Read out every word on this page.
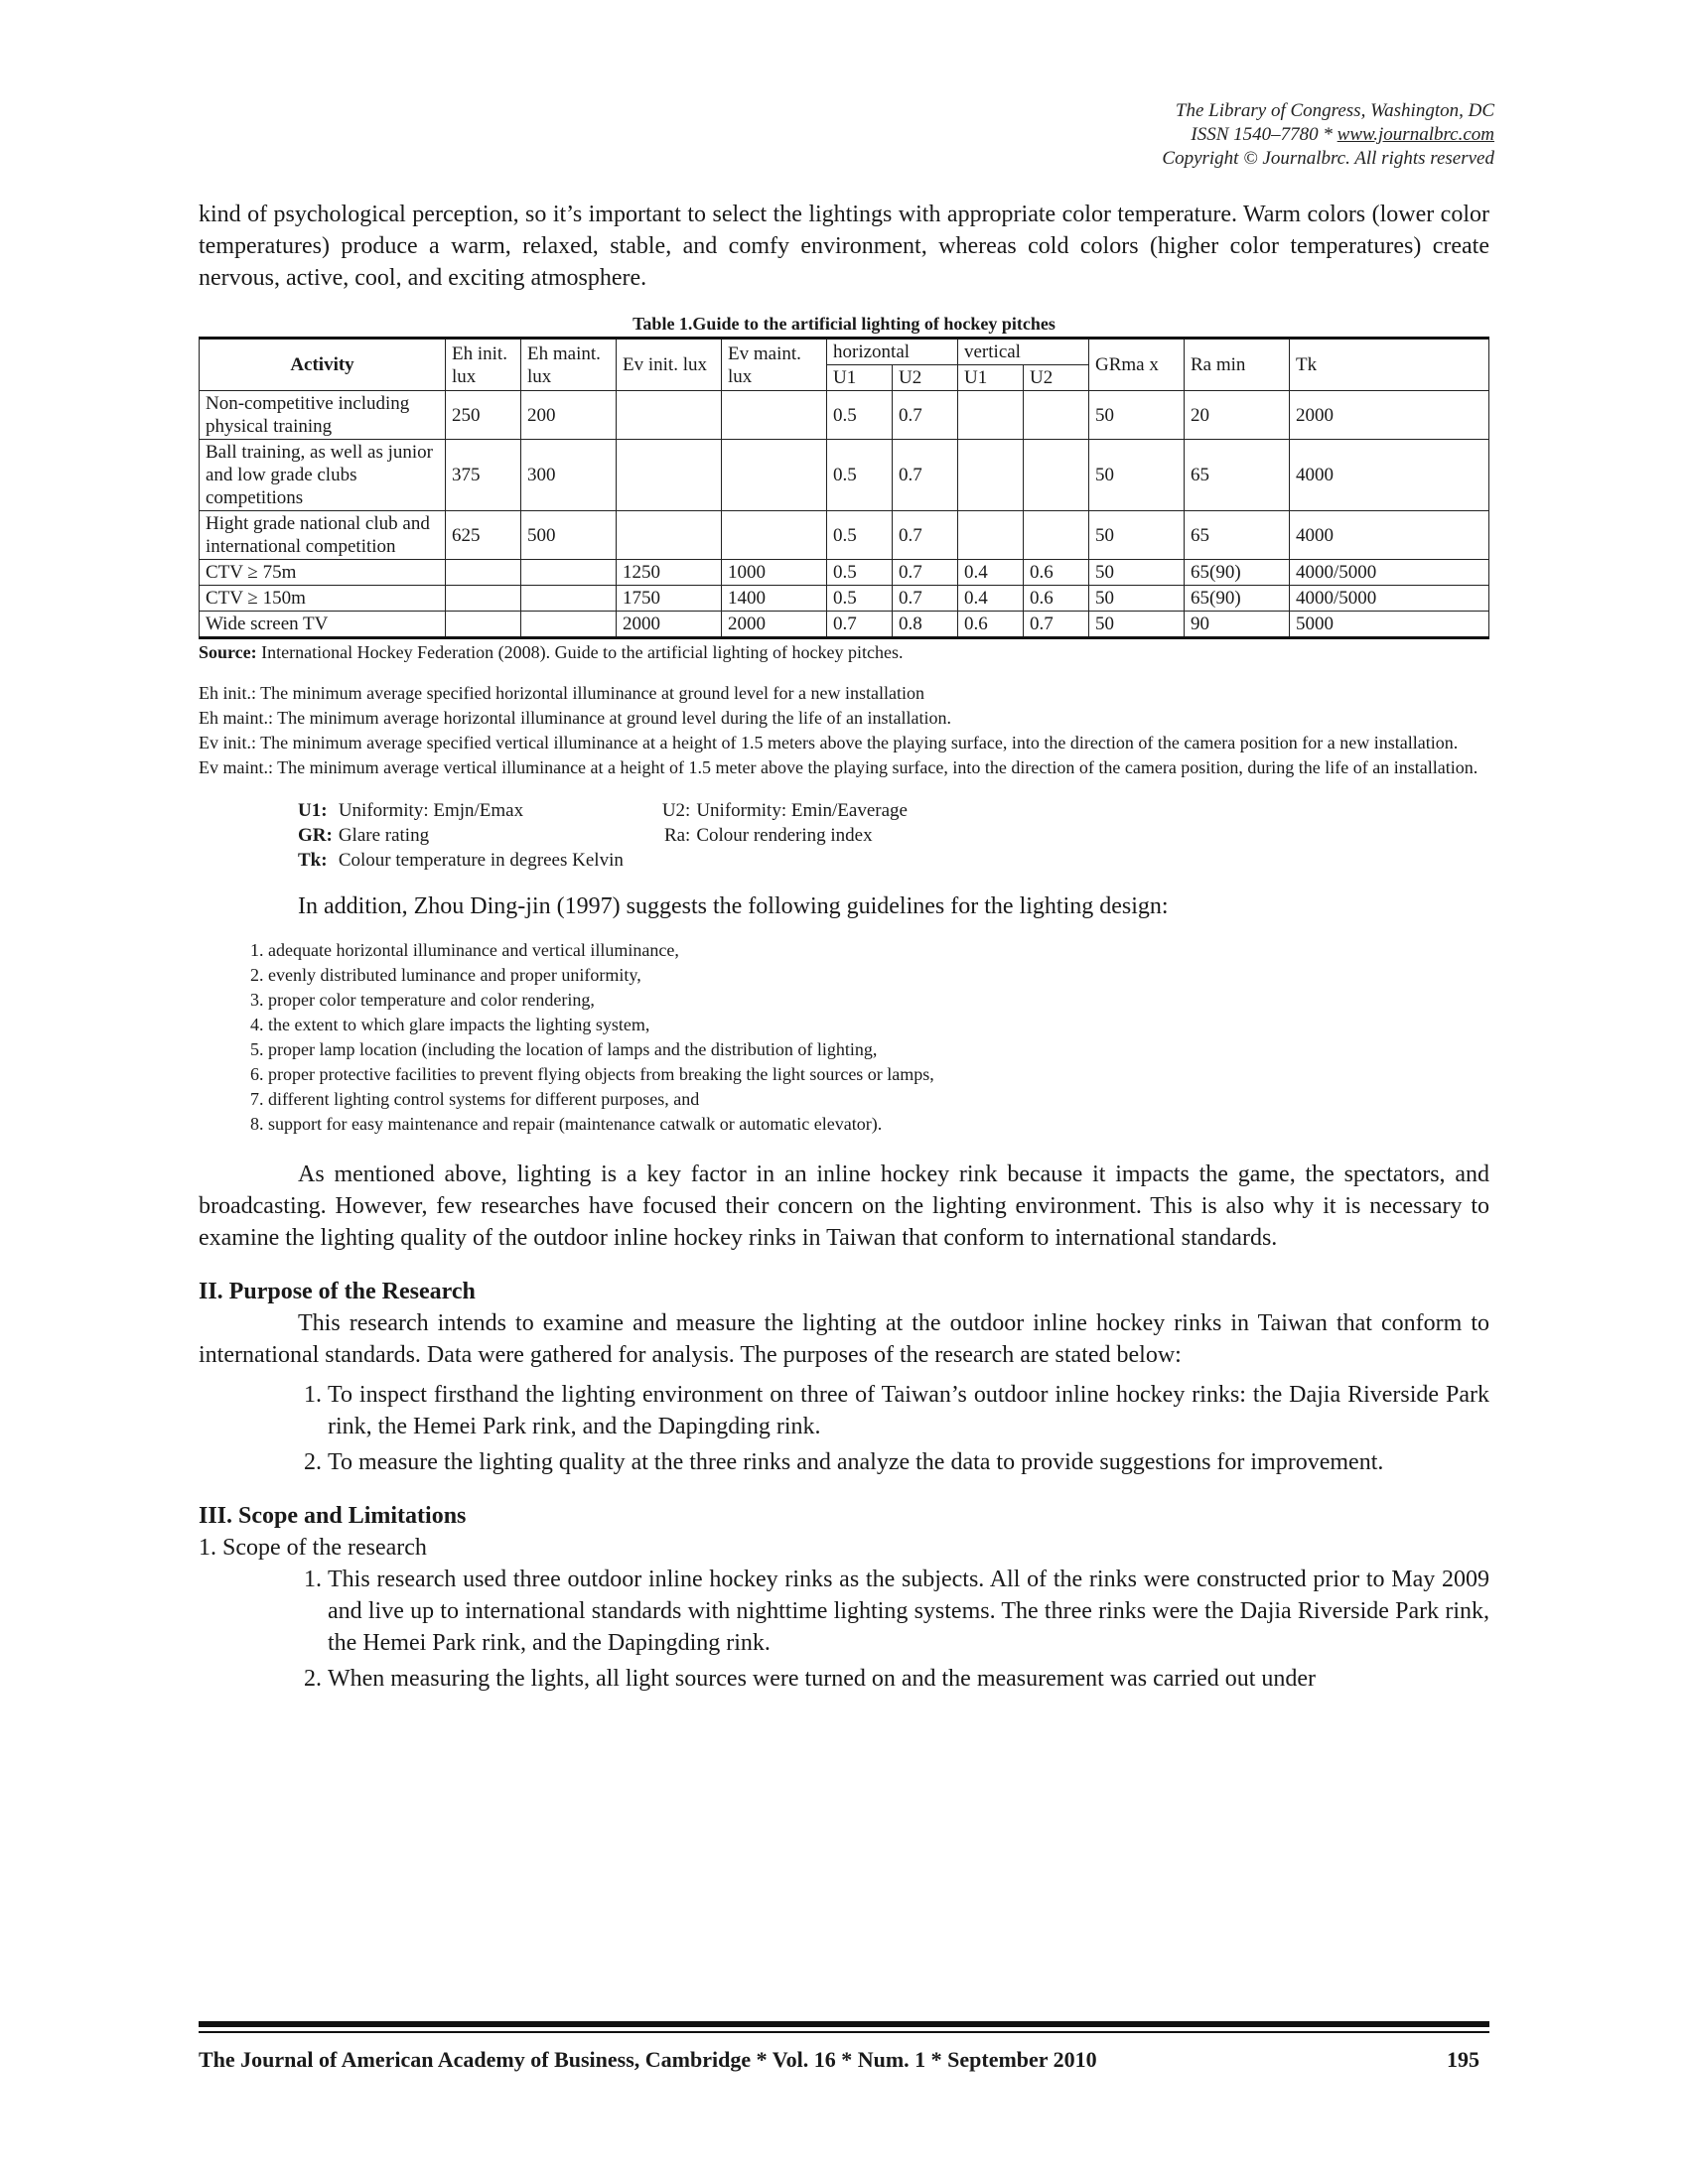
The Library of Congress, Washington, DC
ISSN 1540–7780 * www.journalbrc.com
Copyright © Journalbrc. All rights reserved

kind of psychological perception, so it’s important to select the lightings with appropriate color temperature. Warm colors (lower color temperatures) produce a warm, relaxed, stable, and comfy environment, whereas cold colors (higher color temperatures) create nervous, active, cool, and exciting atmosphere.

Table 1.Guide to the artificial lighting of hockey pitches
Activity	Eh init. lux	Eh maint. lux	Ev init. lux	Ev maint. lux	horizontal		vertical		GRma x	Ra min	Tk
					U1	U2	U1	U2			
Non-competitive including physical training	250	200			0.5	0.7			50	20	2000
Ball training, as well as junior and low grade clubs competitions	375	300			0.5	0.7			50	65	4000
Hight grade national club and international competition	625	500			0.5	0.7			50	65	4000
CTV ≥ 75m			1250	1000	0.5	0.7	0.4	0.6	50	65(90)	4000/5000
CTV ≥ 150m			1750	1400	0.5	0.7	0.4	0.6	50	65(90)	4000/5000
Wide screen TV			2000	2000	0.7	0.8	0.6	0.7	50	90	5000
Source: International Hockey Federation (2008). Guide to the artificial lighting of hockey pitches.
Eh init.: The minimum average specified horizontal illuminance at ground level for a new installation
Eh maint.: The minimum average horizontal illuminance at ground level during the life of an installation.
Ev init.: The minimum average specified vertical illuminance at a height of 1.5 meters above the playing surface, into the direction of the camera position for a new installation.
Ev maint.: The minimum average vertical illuminance at a height of 1.5 meter above the playing surface, into the direction of the camera position, during the life of an installation.
U1:	Uniformity: Emjn/Emax	U2:	Uniformity: Emin/Eaverage
GR:	Glare rating	Ra:	Colour rendering index
Tk:	Colour temperature in degrees Kelvin		

In addition, Zhou Ding-jin (1997) suggests the following guidelines for the lighting design:

1. adequate horizontal illuminance and vertical illuminance,
2. evenly distributed luminance and proper uniformity,
3. proper color temperature and color rendering,
4. the extent to which glare impacts the lighting system,
5. proper lamp location (including the location of lamps and the distribution of lighting,
6. proper protective facilities to prevent flying objects from breaking the light sources or lamps,
7. different lighting control systems for different purposes, and
8. support for easy maintenance and repair (maintenance catwalk or automatic elevator).

As mentioned above, lighting is a key factor in an inline hockey rink because it impacts the game, the spectators, and broadcasting. However, few researches have focused their concern on the lighting environment. This is also why it is necessary to examine the lighting quality of the outdoor inline hockey rinks in Taiwan that conform to international standards.

II. Purpose of the Research

This research intends to examine and measure the lighting at the outdoor inline hockey rinks in Taiwan that conform to international standards. Data were gathered for analysis. The purposes of the research are stated below:

1. To inspect firsthand the lighting environment on three of Taiwan’s outdoor inline hockey rinks: the Dajia Riverside Park rink, the Hemei Park rink, and the Dapingding rink.
2. To measure the lighting quality at the three rinks and analyze the data to provide suggestions for improvement.
III. Scope and Limitations
1. Scope of the research
1. This research used three outdoor inline hockey rinks as the subjects. All of the rinks were constructed prior to May 2009 and live up to international standards with nighttime lighting systems. The three rinks were the Dajia Riverside Park rink, the Hemei Park rink, and the Dapingding rink.
2. When measuring the lights, all light sources were turned on and the measurement was carried out under
The Journal of American Academy of Business, Cambridge * Vol. 16 * Num. 1 * September 2010	195
